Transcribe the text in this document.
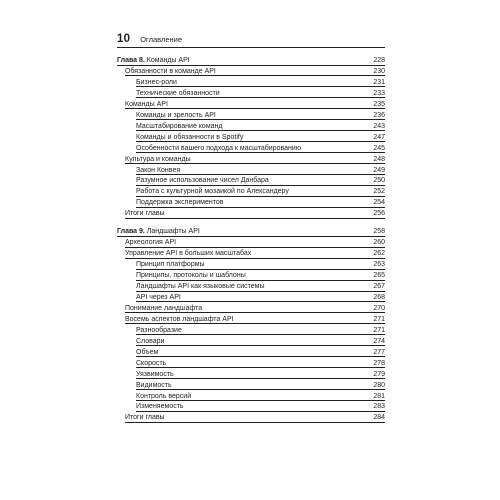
10 Оглавление
Глава 8. Команды API	228
Обязанности в команде API	230
Бизнес-роли	231
Технические обязанности	233
Команды API	235
Команды и зрелость API	236
Масштабирование команд	243
Команды и обязанности в Spotify	247
Особенности вашего подхода к масштабированию	245
Культура и команды	248
Закон Конвея	249
Разумное использование чисел Данбара	250
Работа с культурной мозаикой по Александеру	252
Поддержка экспериментов	254
Итоги главы	256
Глава 9. Ландшафты API	258
Археология API	260
Управление API в больших масштабах	262
Принцип платформы	263
Принципы, протоколы и шаблоны	265
Ландшафты API как языковые системы	267
API через API	268
Понимание ландшафта	270
Восемь аспектов ландшафта API	271
Разнообразие	271
Словари	274
Объем	277
Скорость	278
Уязвимость	279
Видимость	280
Контроль версий	281
Изменяемость	283
Итоги главы	284
